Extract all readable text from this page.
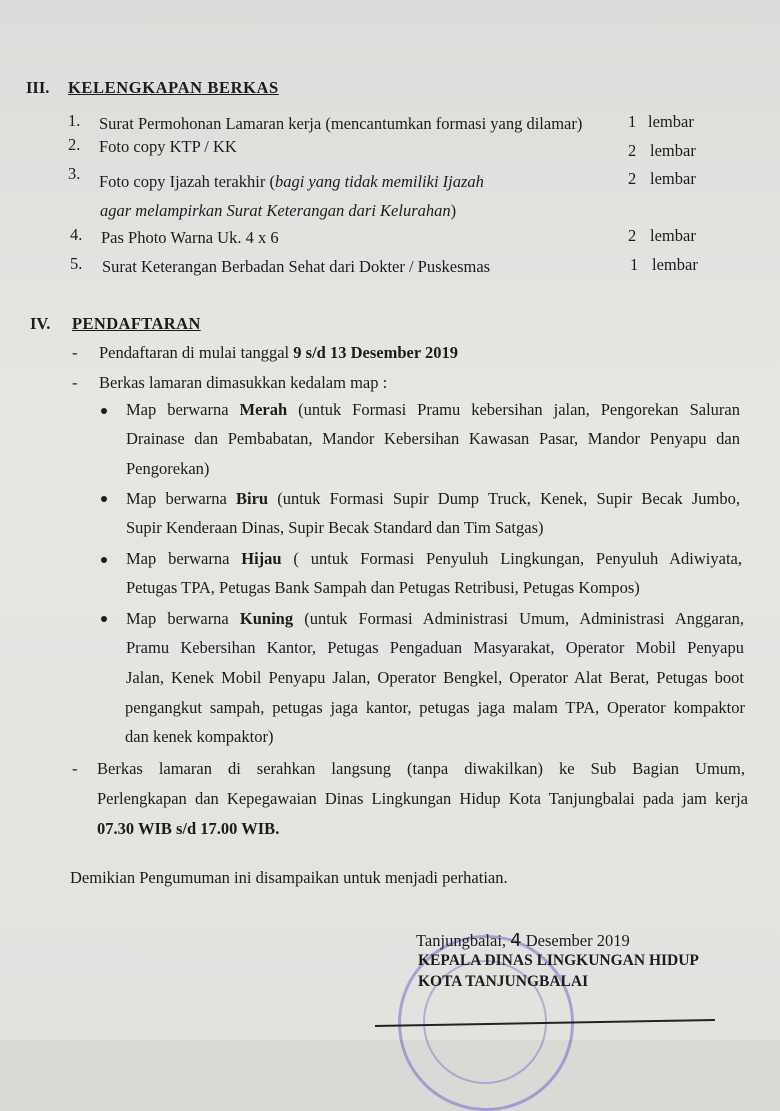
III. KELENGKAPAN BERKAS
1. Surat Permohonan Lamaran kerja (mencantumkan formasi yang dilamar)	1 lembar
2. Foto copy KTP / KK	2 lembar
3. Foto copy Ijazah terakhir (bagi yang tidak memiliki Ijazah
agar melampirkan Surat Keterangan dari Kelurahan)
2 lembar
4. Pas Photo Warna Uk. 4 x 6	2 lembar
5. Surat Keterangan Berbadan Sehat dari Dokter / Puskesmas	1 lembar
IV. PENDAFTARAN
- Pendaftaran di mulai tanggal 9 s/d 13 Desember 2019
- Berkas lamaran dimasukkan kedalam map :
Map berwarna Merah (untuk Formasi Pramu kebersihan jalan, Pengorekan Saluran
Drainase dan Pembabatan, Mandor Kebersihan Kawasan Pasar, Mandor Penyapu dan
Pengorekan)
Map berwarna Biru (untuk Formasi Supir Dump Truck, Kenek, Supir Becak Jumbo,
Supir Kenderaan Dinas, Supir Becak Standard dan Tim Satgas)
Map berwarna Hijau ( untuk Formasi Penyuluh Lingkungan, Penyuluh Adiwiyata,
Petugas TPA, Petugas Bank Sampah dan Petugas Retribusi, Petugas Kompos)
Map berwarna Kuning (untuk Formasi Administrasi Umum, Administrasi Anggaran,
Pramu Kebersihan Kantor, Petugas Pengaduan Masyarakat, Operator Mobil Penyapu
Jalan, Kenek Mobil Penyapu Jalan, Operator Bengkel, Operator Alat Berat, Petugas boot
pengangkut sampah, petugas jaga kantor, petugas jaga malam TPA, Operator kompaktor
dan kenek kompaktor)
- Berkas lamaran di serahkan langsung (tanpa diwakilkan) ke Sub Bagian Umum,
Perlengkapan dan Kepegawaian Dinas Lingkungan Hidup Kota Tanjungbalai pada jam kerja
07.30 WIB s/d 17.00 WIB.
Demikian Pengumuman ini disampaikan untuk menjadi perhatian.
Tanjungbalai, 4 Desember 2019
KEPALA DINAS LINGKUNGAN HIDUP
KOTA TANJUNGBALAI
